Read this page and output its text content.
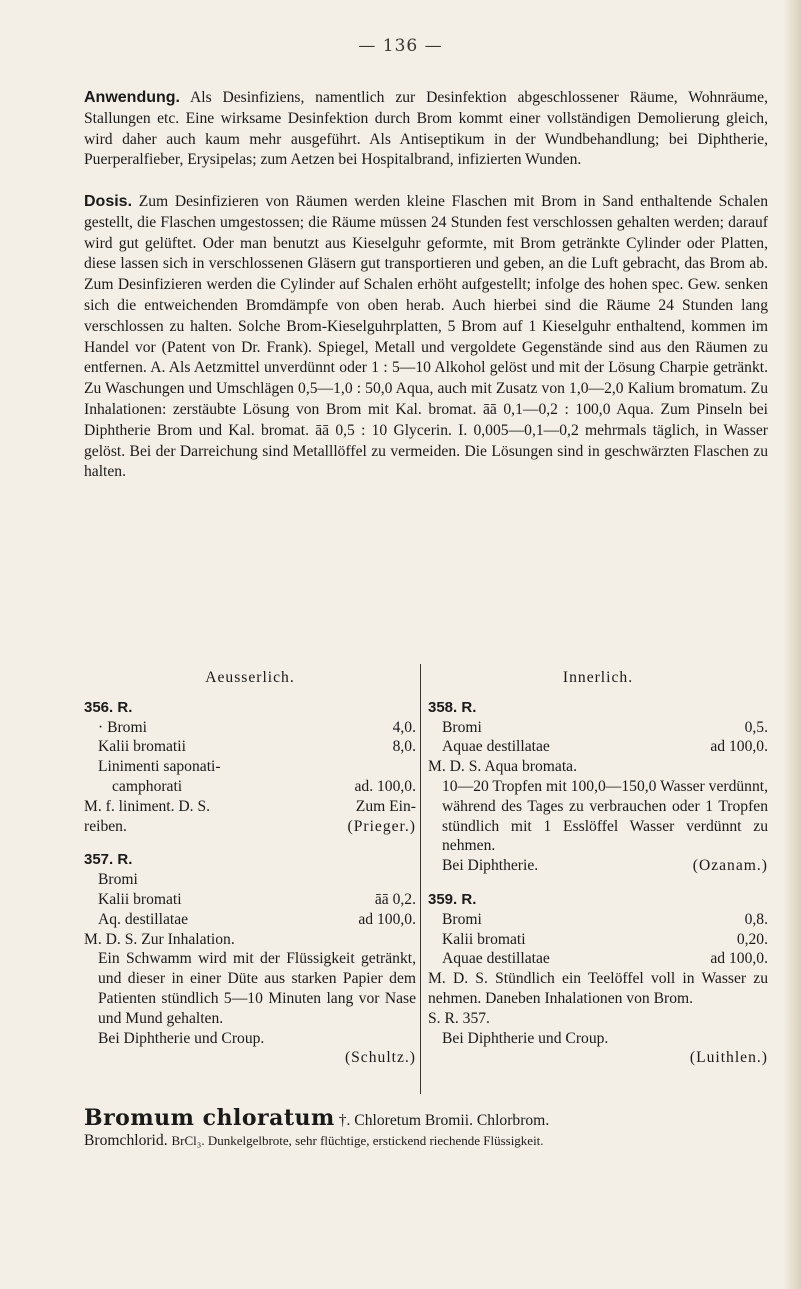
— 136 —
Anwendung. Als Desinfiziens, namentlich zur Desinfektion abgeschlossener Räume, Wohnräume, Stallungen etc. Eine wirksame Desinfektion durch Brom kommt einer vollständigen Demolierung gleich, wird daher auch kaum mehr ausgeführt. Als Antiseptikum in der Wundbehandlung; bei Diphtherie, Puerperalfieber, Erysipelas; zum Aetzen bei Hospitalbrand, infizierten Wunden.
Dosis. Zum Desinfizieren von Räumen werden kleine Flaschen mit Brom in Sand enthaltende Schalen gestellt, die Flaschen umgestossen; die Räume müssen 24 Stunden fest verschlossen gehalten werden; darauf wird gut gelüftet. Oder man benutzt aus Kieselguhr geformte, mit Brom getränkte Cylinder oder Platten, diese lassen sich in verschlossenen Gläsern gut transportieren und geben, an die Luft gebracht, das Brom ab. Zum Desinfizieren werden die Cylinder auf Schalen erhöht aufgestellt; infolge des hohen spec. Gew. senken sich die entweichenden Bromdämpfe von oben herab. Auch hierbei sind die Räume 24 Stunden lang verschlossen zu halten. Solche Brom-Kieselguhrplatten, 5 Brom auf 1 Kieselguhr enthaltend, kommen im Handel vor (Patent von Dr. Frank). Spiegel, Metall und vergoldete Gegenstände sind aus den Räumen zu entfernen. A. Als Aetzmittel unverdünnt oder 1 : 5—10 Alkohol gelöst und mit der Lösung Charpie getränkt. Zu Waschungen und Umschlägen 0,5—1,0 : 50,0 Aqua, auch mit Zusatz von 1,0—2,0 Kalium bromatum. Zu Inhalationen: zerstäubte Lösung von Brom mit Kal. bromat. āā 0,1—0,2 : 100,0 Aqua. Zum Pinseln bei Diphtherie Brom und Kal. bromat. āā 0,5 : 10 Glycerin. I. 0,005—0,1—0,2 mehrmals täglich, in Wasser gelöst. Bei der Darreichung sind Metalllöffel zu vermeiden. Die Lösungen sind in geschwärzten Flaschen zu halten.
Aeusserlich.
356. R.
· Bromi	4,0.
Kalii bromatii	8,0.
Linimenti saponati-
camphorati	ad. 100,0.
M. f. liniment. D. S.	Zum Ein-
reiben.	(Prieger.)
357. R.
Bromi
Kalii bromati	āā 0,2.
Aq. destillatae	ad 100,0.
M. D. S. Zur Inhalation.
Ein Schwamm wird mit der Flüssigkeit getränkt, und dieser in einer Düte aus starken Papier dem Patienten stündlich 5—10 Minuten lang vor Nase und Mund gehalten.
Bei Diphtherie und Croup.
(Schultz.)
Innerlich.
358. R.
Bromi	0,5.
Aquae destillatae	ad 100,0.
M. D. S. Aqua bromata.
10—20 Tropfen mit 100,0—150,0 Wasser verdünnt, während des Tages zu verbrauchen oder 1 Tropfen stündlich mit 1 Esslöffel Wasser verdünnt zu nehmen.
Bei Diphtherie.	(Ozanam.)
359. R.
Bromi	0,8.
Kalii bromati	0,20.
Aquae destillatae	ad 100,0.
M. D. S. Stündlich ein Teelöffel voll in Wasser zu nehmen. Daneben Inhalationen von Brom.
S. R. 357.
Bei Diphtherie und Croup.
(Luithlen.)
Bromum chloratum †. Chloretum Bromii. Chlorbrom.
Bromchlorid. BrCl₃. Dunkelgelbrote, sehr flüchtige, erstickend riechende Flüssigkeit.
